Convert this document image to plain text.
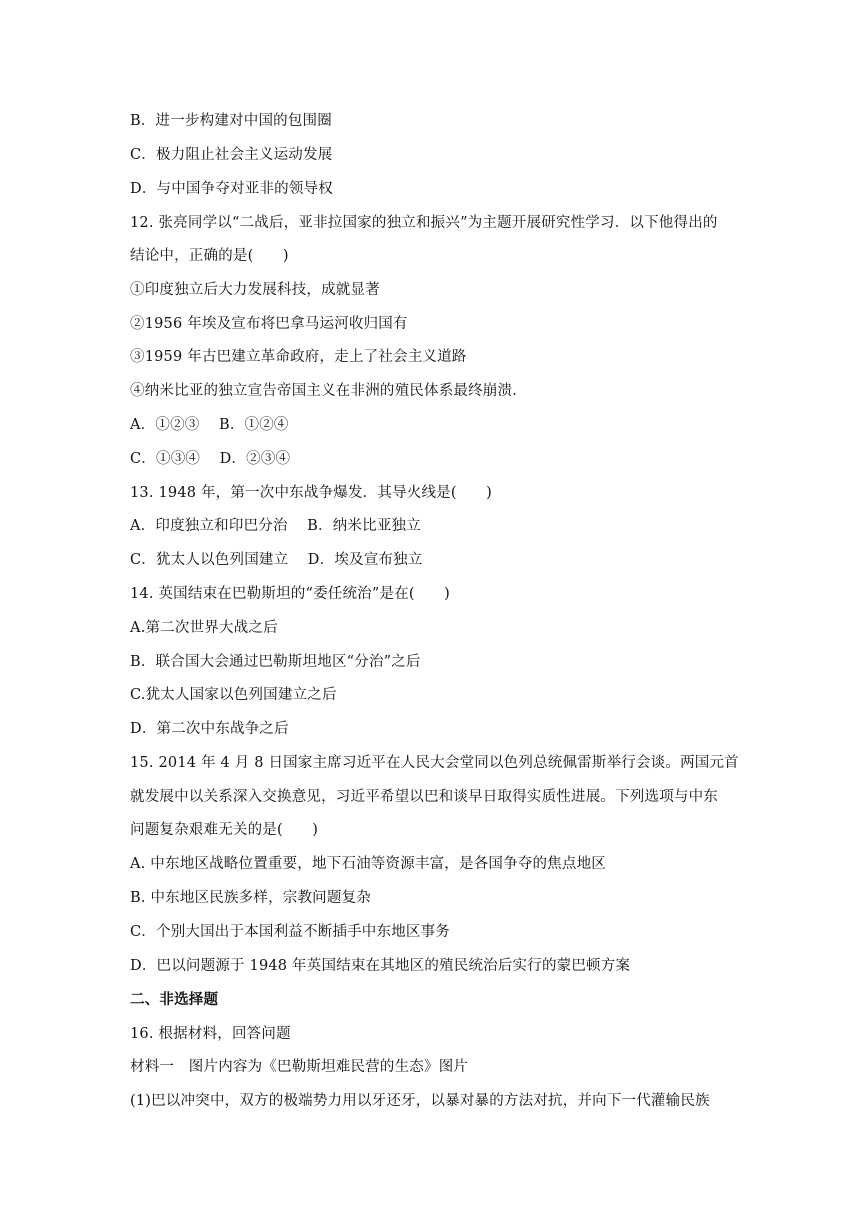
B．进一步构建对中国的包围圈
C．极力阻止社会主义运动发展
D．与中国争夺对亚非的领导权
12. 张亮同学以“二战后，亚非拉国家的独立和振兴”为主题开展研究性学习．以下他得出的
结论中，正确的是(　　)
①印度独立后大力发展科技，成就显著
②1956 年埃及宣布将巴拿马运河收归国有
③1959 年古巴建立革命政府，走上了社会主义道路
④纳米比亚的独立宣告帝国主义在非洲的殖民体系最终崩溃．
A．①②③　 B．①②④
C．①③④　 D．②③④
13. 1948 年，第一次中东战争爆发．其导火线是(　　)
A．印度独立和印巴分治　 B．纳米比亚独立
C．犹太人以色列国建立　 D．埃及宣布独立
14. 英国结束在巴勒斯坦的“委任统治”是在(　　)
A.第二次世界大战之后
B．联合国大会通过巴勒斯坦地区“分治”之后
C.犹太人国家以色列国建立之后
D．第二次中东战争之后
15. 2014 年 4 月 8 日国家主席习近平在人民大会堂同以色列总统佩雷斯举行会谈。两国元首
就发展中以关系深入交换意见，习近平希望以巴和谈早日取得实质性进展。下列选项与中东
问题复杂艰难无关的是(　　)
A. 中东地区战略位置重要，地下石油等资源丰富，是各国争夺的焦点地区
B. 中东地区民族多样，宗教问题复杂
C．个别大国出于本国利益不断插手中东地区事务
D．巴以问题源于 1948 年英国结束在其地区的殖民统治后实行的蒙巴顿方案
二、非选择题
16. 根据材料，回答问题
材料一　图片内容为《巴勒斯坦难民营的生态》图片
(1)巴以冲突中，双方的极端势力用以牙还牙，以暴对暴的方法对抗，并向下一代灌输民族
